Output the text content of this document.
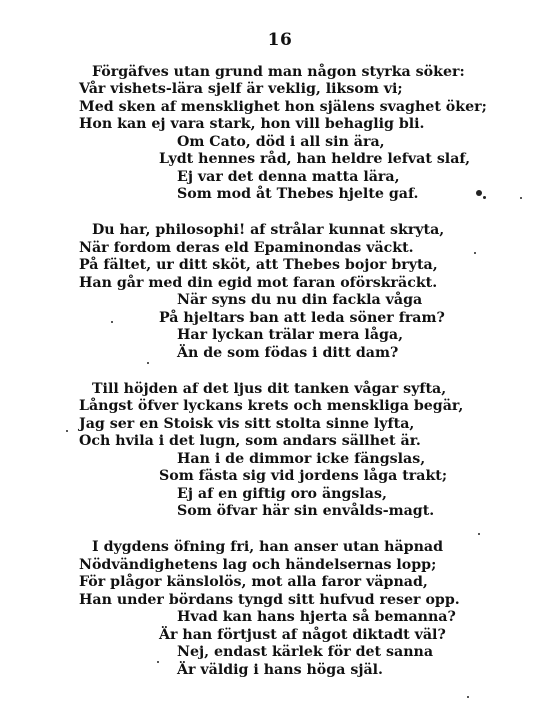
16
Förgäfves utan grund man någon styrka söker:
Vår vishets-lära sjelf är veklig, liksom vi;
Med sken af mensklighet hon själens svaghet öker;
Hon kan ej vara stark, hon vill behaglig bli.
Om Cato, död i all sin ära,
Lydt hennes råd, han heldre lefvat slaf,
Ej var det denna matta lära,
Som mod åt Thebes hjelte gaf.
Du har, philosophi! af strålar kunnat skryta,
När fordom deras eld Epaminondas väckt.
På fältet, ur ditt sköt, att Thebes bojor bryta,
Han går med din egid mot faran oförskräckt.
När syns du nu din fackla våga
På hjeltars ban att leda söner fram?
Har lyckan trälar mera låga,
Än de som födas i ditt dam?
Till höjden af det ljus dit tanken vågar syfta,
Långst öfver lyckans krets och menskliga begär,
Jag ser en Stoisk vis sitt stolta sinne lyfta,
Och hvila i det lugn, som andars sällhet är.
Han i de dimmor icke fängslas,
Som fästa sig vid jordens låga trakt;
Ej af en giftig oro ängslas,
Som öfvar här sin envålds-magt.
I dygdens öfning fri, han anser utan häpnad
Nödvändighetens lag och händelsernas lopp;
För plågor känslolös, mot alla faror väpnad,
Han under bördans tyngd sitt hufvud reser opp.
Hvad kan hans hjerta så bemanna?
Är han förtjust af något diktadt väl?
Nej, endast kärlek för det sanna
Är väldig i hans höga själ.
